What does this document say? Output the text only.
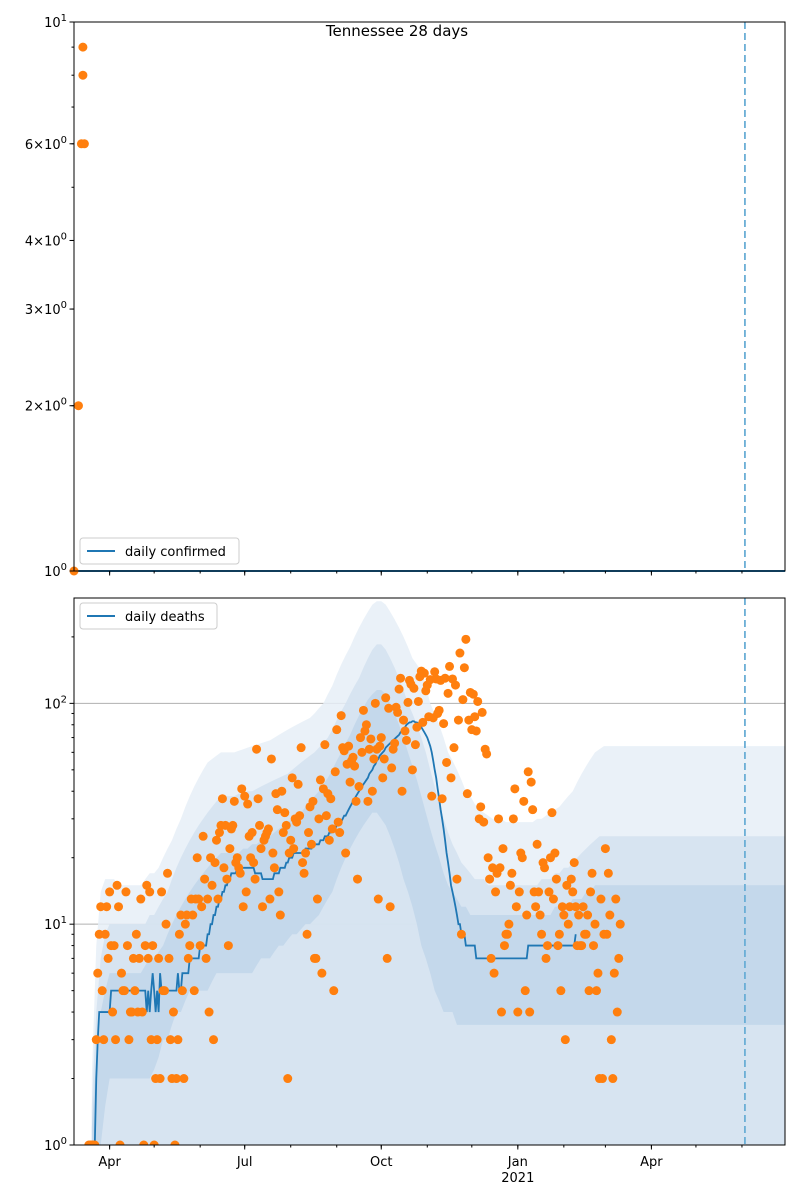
$10^0$
$2\times 10^0$
$3\times 10^0$
$4\times 10^0$
$6\times 10^0$
$10^1$
Tennessee 28 days
daily confirmed
$10^0$
$10^1$
$10^2$
Apr	Jul	Oct	Jan
2021
Apr
daily deaths
